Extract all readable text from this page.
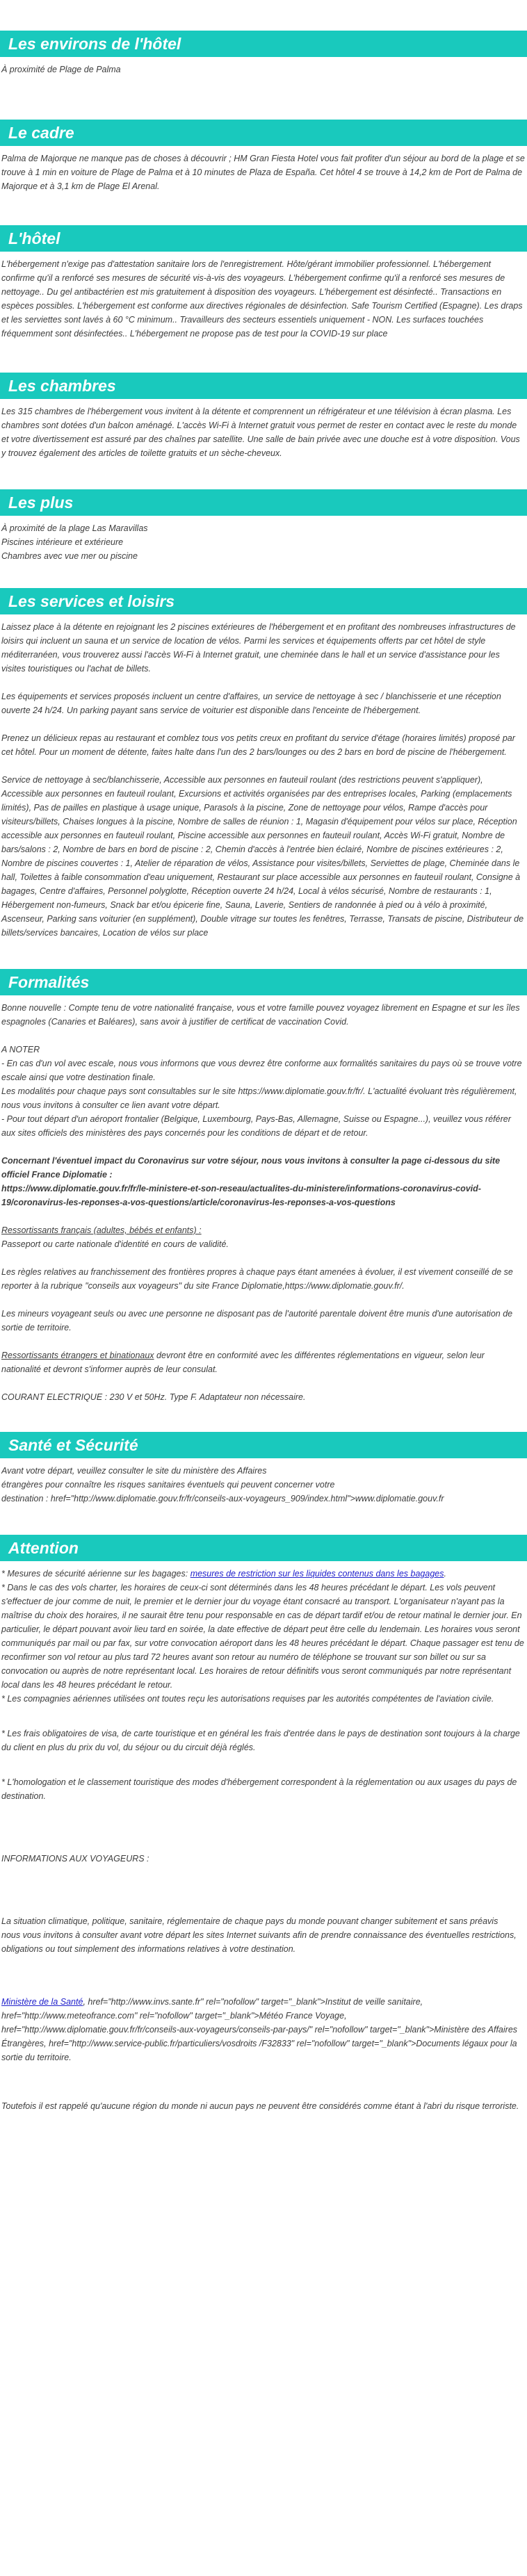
Les environs de l'hôtel

À proximité de Plage de Palma

Le cadre

Palma de Majorque ne manque pas de choses à découvrir ; HM Gran Fiesta Hotel vous fait profiter d'un séjour au bord de la plage et se trouve à 1 min en voiture de Plage de Palma et à 10 minutes de Plaza de España. Cet hôtel 4 se trouve à 14,2 km de Port de Palma de Majorque et à 3,1 km de Plage El Arenal.

L'hôtel

L'hébergement n'exige pas d'attestation sanitaire lors de l'enregistrement. Hôte/gérant immobilier professionnel. L'hébergement confirme qu'il a renforcé ses mesures de sécurité vis-à-vis des voyageurs. L'hébergement confirme qu'il a renforcé ses mesures de nettoyage.. Du gel antibactérien est mis gratuitement à disposition des voyageurs. L'hébergement est désinfecté.. Transactions en espèces possibles. L'hébergement est conforme aux directives régionales de désinfection. Safe Tourism Certified (Espagne). Les draps et les serviettes sont lavés à 60 °C minimum.. Travailleurs des secteurs essentiels uniquement - NON. Les surfaces touchées fréquemment sont désinfectées.. L'hébergement ne propose pas de test pour la COVID-19 sur place

Les chambres

Les 315 chambres de l'hébergement vous invitent à la détente et comprennent un réfrigérateur et une télévision à écran plasma. Les chambres sont dotées d'un balcon aménagé. L'accès Wi-Fi à Internet gratuit vous permet de rester en contact avec le reste du monde et votre divertissement est assuré par des chaînes par satellite. Une salle de bain privée avec une douche est à votre disposition. Vous y trouvez également des articles de toilette gratuits et un sèche-cheveux.

Les plus
À proximité de la plage Las Maravillas
Piscines intérieure et extérieure
Chambres avec vue mer ou piscine
Les services et loisirs

Laissez place à la détente en rejoignant les 2 piscines extérieures de l'hébergement et en profitant des nombreuses infrastructures de loisirs qui incluent un sauna et un service de location de vélos. Parmi les services et équipements offerts par cet hôtel de style méditerranéen, vous trouverez aussi l'accès Wi-Fi à Internet gratuit, une cheminée dans le hall et un service d'assistance pour les visites touristiques ou l'achat de billets.

Les équipements et services proposés incluent un centre d'affaires, un service de nettoyage à sec / blanchisserie et une réception ouverte 24 h/24. Un parking payant sans service de voiturier est disponible dans l'enceinte de l'hébergement.

Prenez un délicieux repas au restaurant et comblez tous vos petits creux en profitant du service d'étage (horaires limités) proposé par cet hôtel. Pour un moment de détente, faites halte dans l'un des 2 bars/lounges ou des 2 bars en bord de piscine de l'hébergement.

Service de nettoyage à sec/blanchisserie, Accessible aux personnes en fauteuil roulant (des restrictions peuvent s'appliquer), Accessible aux personnes en fauteuil roulant, Excursions et activités organisées par des entreprises locales, Parking (emplacements limités), Pas de pailles en plastique à usage unique, Parasols à la piscine, Zone de nettoyage pour vélos, Rampe d'accès pour visiteurs/billets, Chaises longues à la piscine, Nombre de salles de réunion : 1, Magasin d'équipement pour vélos sur place, Réception accessible aux personnes en fauteuil roulant, Piscine accessible aux personnes en fauteuil roulant, Accès Wi-Fi gratuit, Nombre de bars/salons : 2, Nombre de bars en bord de piscine : 2, Chemin d'accès à l'entrée bien éclairé, Nombre de piscines extérieures : 2, Nombre de piscines couvertes : 1, Atelier de réparation de vélos, Assistance pour visites/billets, Serviettes de plage, Cheminée dans le hall, Toilettes à faible consommation d'eau uniquement, Restaurant sur place accessible aux personnes en fauteuil roulant, Consigne à bagages, Centre d'affaires, Personnel polyglotte, Réception ouverte 24 h/24, Local à vélos sécurisé, Nombre de restaurants : 1, Hébergement non-fumeurs, Snack bar et/ou épicerie fine, Sauna, Laverie, Sentiers de randonnée à pied ou à vélo à proximité, Ascenseur, Parking sans voiturier (en supplément), Double vitrage sur toutes les fenêtres, Terrasse, Transats de piscine, Distributeur de billets/services bancaires, Location de vélos sur place

Formalités

Bonne nouvelle : Compte tenu de votre nationalité française, vous et votre famille pouvez voyagez librement en Espagne et sur les îles espagnoles (Canaries et Baléares), sans avoir à justifier de certificat de vaccination Covid.

A NOTER
- En cas d'un vol avec escale, nous vous informons que vous devrez être conforme aux formalités sanitaires du pays où se trouve votre escale ainsi que votre destination finale.
Les modalités pour chaque pays sont consultables sur le site https://www.diplomatie.gouv.fr/fr/. L'actualité évoluant très régulièrement, nous vous invitons à consulter ce lien avant votre départ.
- Pour tout départ d'un aéroport frontalier (Belgique, Luxembourg, Pays-Bas, Allemagne, Suisse ou Espagne...), veuillez vous référer aux sites officiels des ministères des pays concernés pour les conditions de départ et de retour.

Concernant l'éventuel impact du Coronavirus sur votre séjour, nous vous invitons à consulter la page ci-dessous du site officiel France Diplomatie :
https://www.diplomatie.gouv.fr/fr/le-ministere-et-son-reseau/actualites-du-ministere/informations-coronavirus-covid-19/coronavirus-les-reponses-a-vos-questions/article/coronavirus-les-reponses-a-vos-questions

Ressortissants français (adultes, bébés et enfants) :
Passeport ou carte nationale d'identité en cours de validité.

Les règles relatives au franchissement des frontières propres à chaque pays étant amenées à évoluer, il est vivement conseillé de se reporter à la rubrique "conseils aux voyageurs" du site France Diplomatie,https://www.diplomatie.gouv.fr/.

Les mineurs voyageant seuls ou avec une personne ne disposant pas de l'autorité parentale doivent être munis d'une autorisation de sortie de territoire.

Ressortissants étrangers et binationaux devront être en conformité avec les différentes réglementations en vigueur, selon leur nationalité et devront s'informer auprès de leur consulat.

COURANT ELECTRIQUE : 230 V et 50Hz. Type F. Adaptateur non nécessaire.

Santé et Sécurité

Avant votre départ, veuillez consulter le site du ministère des Affaires
étrangères pour connaître les risques sanitaires éventuels qui peuvent concerner votre
destination : href="http://www.diplomatie.gouv.fr/fr/conseils-aux-voyageurs_909/index.html">www.diplomatie.gouv.fr

Attention
* Mesures de sécurité aérienne sur les bagages: mesures de restriction sur les liquides contenus dans les bagages.

* Dans le cas des vols charter, les horaires de ceux-ci sont déterminés dans les 48 heures précédant le départ. Les vols peuvent s'effectuer de jour comme de nuit, le premier et le dernier jour du voyage étant consacré au transport. L'organisateur n'ayant pas la maîtrise du choix des horaires, il ne saurait être tenu pour responsable en cas de départ tardif et/ou de retour matinal le dernier jour. En particulier, le départ pouvant avoir lieu tard en soirée, la date effective de départ peut être celle du lendemain. Les horaires vous seront communiqués par mail ou par fax, sur votre convocation aéroport dans les 48 heures précédant le départ. Chaque passager est tenu de reconfirmer son vol retour au plus tard 72 heures avant son retour au numéro de téléphone se trouvant sur son billet ou sur sa convocation ou auprès de notre représentant local. Les horaires de retour définitifs vous seront communiqués par notre représentant local dans les 48 heures précédant le retour.
* Les compagnies aériennes utilisées ont toutes reçu les autorisations requises par les autorités compétentes de l'aviation civile.

* Les frais obligatoires de visa, de carte touristique et en général les frais d'entrée dans le pays de destination sont toujours à la charge du client en plus du prix du vol, du séjour ou du circuit déjà réglés.

* L'homologation et le classement touristique des modes d'hébergement correspondent à la réglementation ou aux usages du pays de destination.

INFORMATIONS AUX VOYAGEURS :

La situation climatique, politique, sanitaire, réglementaire de chaque pays du monde pouvant changer subitement et sans préavis
nous vous invitons à consulter avant votre départ les sites Internet suivants afin de prendre connaissance des éventuelles restrictions, obligations ou tout simplement des informations relatives à votre destination.

Ministère de la Santé, href="http://www.invs.sante.fr" rel="nofollow" target="_blank">Institut de veille sanitaire, href="http://www.meteofrance.com" rel="nofollow" target="_blank">Météo France Voyage, href="http://www.diplomatie.gouv.fr/fr/conseils-aux-voyageurs/conseils-par-pays/" rel="nofollow" target="_blank">Ministère des Affaires Étrangères, href="http://www.service-public.fr/particuliers/vosdroits /F32833" rel="nofollow" target="_blank">Documents légaux pour la sortie du territoire.

Toutefois il est rappelé qu'aucune région du monde ni aucun pays ne peuvent être considérés comme étant à l'abri du risque terroriste.
